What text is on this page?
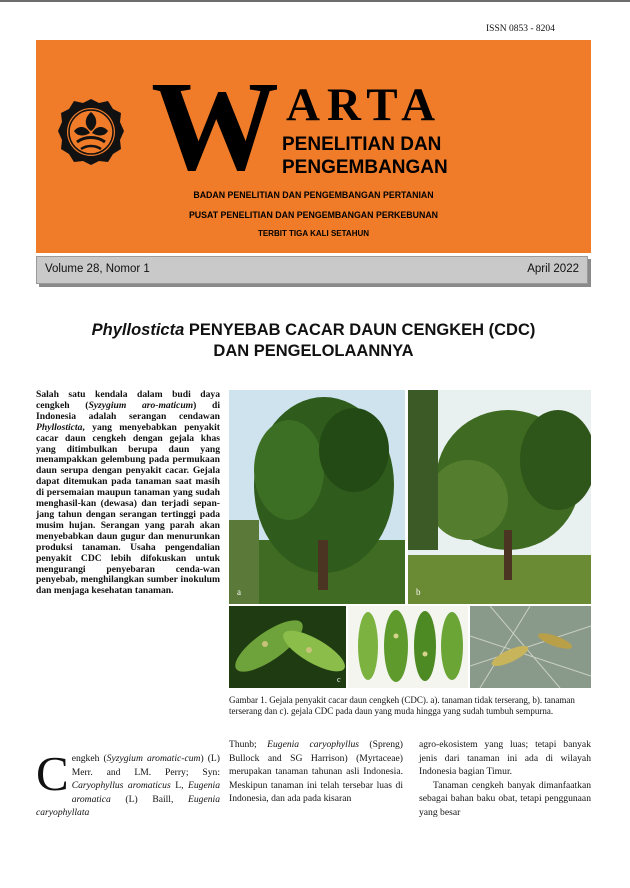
ISSN 0853 - 8204
W ARTA
PENELITIAN DAN
PENGEMBANGAN
BADAN PENELITIAN DAN PENGEMBANGAN PERTANIAN
PUSAT PENELITIAN DAN PENGEMBANGAN PERKEBUNAN
TERBIT TIGA KALI SETAHUN
Volume 28, Nomor 1	April 2022
Phyllosticta PENYEBAB CACAR DAUN CENGKEH (CDC)
DAN PENGELOLAANNYA
Salah satu kendala dalam budi daya cengkeh (Syzygium aro-maticum) di Indonesia adalah serangan cendawan Phyllosticta, yang menyebabkan penyakit cacar daun cengkeh dengan gejala khas yang ditimbulkan berupa daun yang menampakkan gelembung pada permukaan daun serupa dengan penyakit cacar. Gejala dapat ditemukan pada tanaman saat masih di persemaian maupun tanaman yang sudah menghasil-kan (dewasa) dan terjadi sepan-jang tahun dengan serangan tertinggi pada musim hujan. Serangan yang parah akan menyebabkan daun gugur dan menurunkan produksi tanaman. Usaha pengendalian penyakit CDC lebih difokuskan untuk mengurangi penyebaran cenda-wan penyebab, menghilangkan sumber inokulum dan menjaga kesehatan tanaman.	a	b
c
Gambar 1. Gejala penyakit cacar daun cengkeh (CDC). a). tanaman tidak terserang, b). tanaman terserang dan c). gejala CDC pada daun yang muda hingga yang sudah tumbuh sempurna.
Cengkeh (Syzygium aromatic-cum) (L) Merr. and LM. Perry; Syn: Caryophyllus aromaticus L, Eugenia aromatica (L) Baill, Eugenia caryophyllata
Thunb; Eugenia caryophyllus (Spreng) Bullock and SG Harrison) (Myrtaceae) merupakan tanaman tahunan asli Indonesia. Meskipun tanaman ini telah tersebar luas di Indonesia, dan ada pada kisaran
agro-ekosistem yang luas; tetapi banyak jenis dari tanaman ini ada di wilayah Indonesia bagian Timur.
Tanaman cengkeh banyak dimanfaatkan sebagai bahan baku obat, tetapi penggunaan yang besar
